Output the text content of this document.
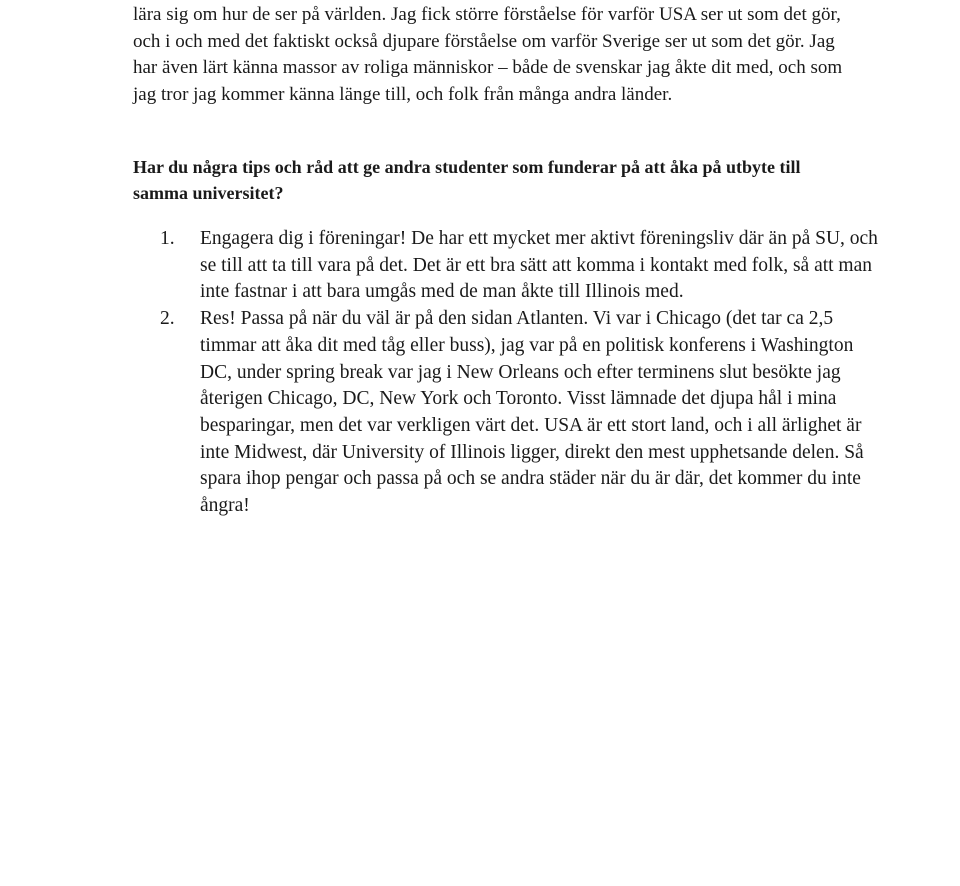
lära sig om hur de ser på världen. Jag fick större förståelse för varför USA ser ut som det gör,
och i och med det faktiskt också djupare förståelse om varför Sverige ser ut som det gör. Jag
har även lärt känna massor av roliga människor – både de svenskar jag åkte dit med, och som
jag tror jag kommer känna länge till, och folk från många andra länder.

Har du några tips och råd att ge andra studenter som funderar på att åka på utbyte till
samma universitet?
1. Engagera dig i föreningar! De har ett mycket mer aktivt föreningsliv där än på SU, och
se till att ta till vara på det. Det är ett bra sätt att komma i kontakt med folk, så att man
inte fastnar i att bara umgås med de man åkte till Illinois med.
2. Res! Passa på när du väl är på den sidan Atlanten. Vi var i Chicago (det tar ca 2,5
timmar att åka dit med tåg eller buss), jag var på en politisk konferens i Washington
DC, under spring break var jag i New Orleans och efter terminens slut besökte jag
återigen Chicago, DC, New York och Toronto. Visst lämnade det djupa hål i mina
besparingar, men det var verkligen värt det. USA är ett stort land, och i all ärlighet är
inte Midwest, där University of Illinois ligger, direkt den mest upphetsande delen. Så
spara ihop pengar och passa på och se andra städer när du är där, det kommer du inte
ångra!
